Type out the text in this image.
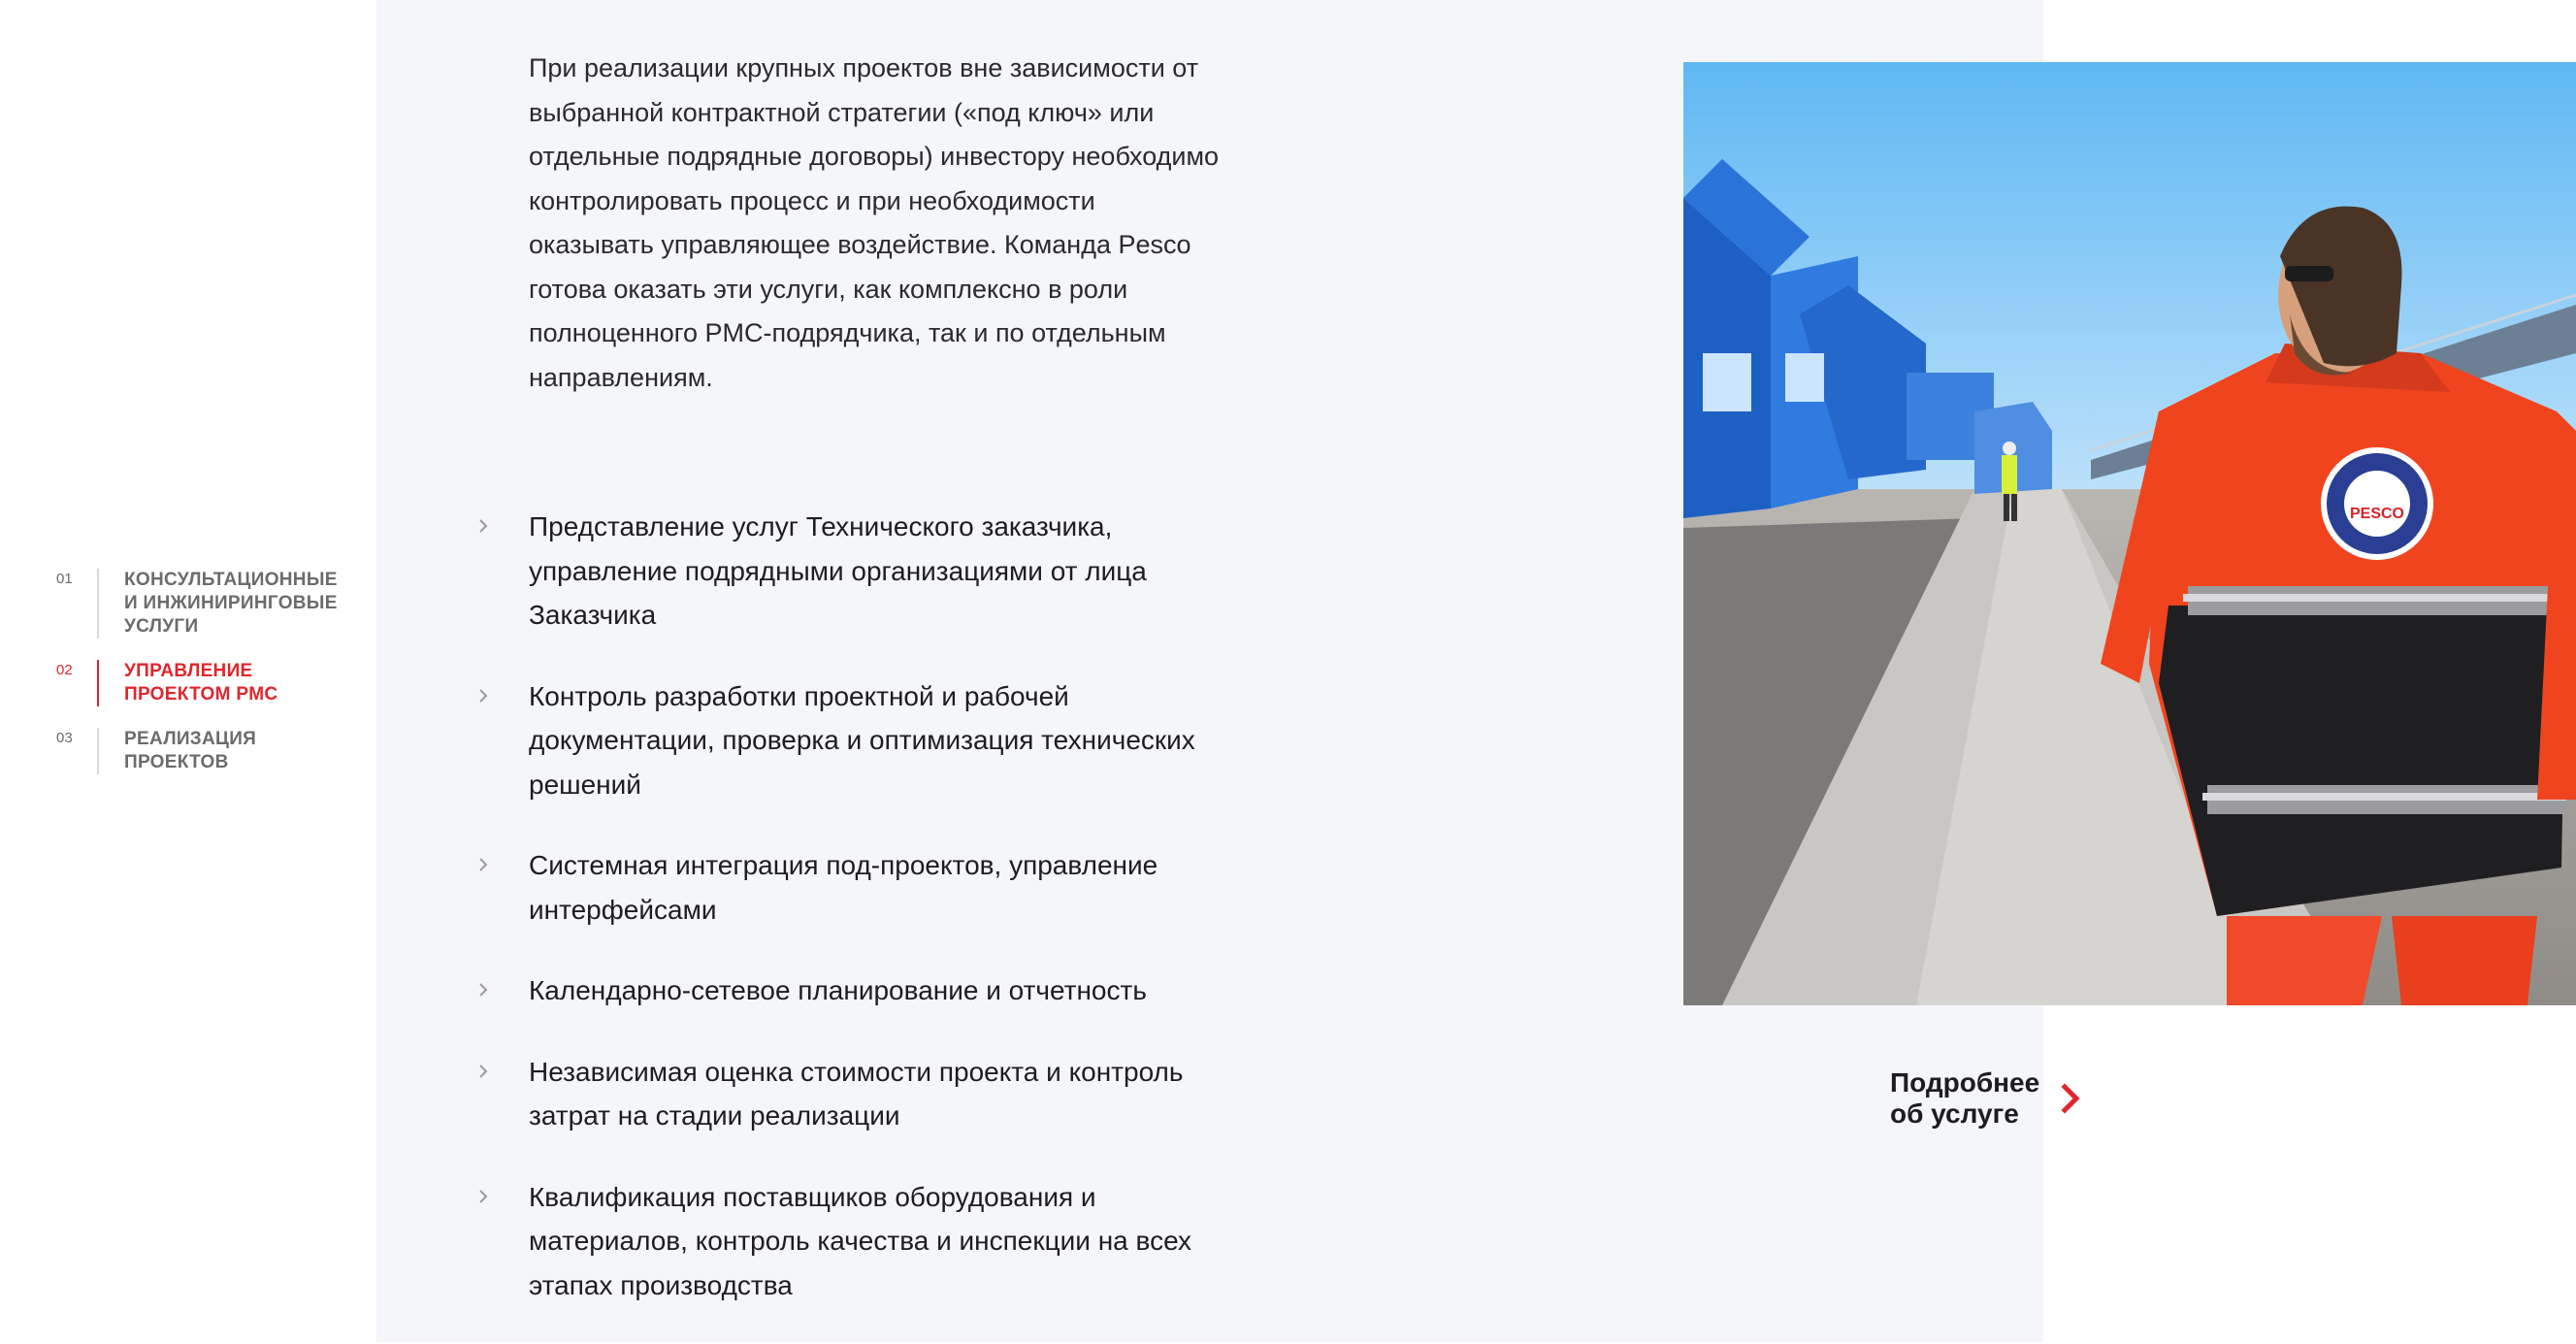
01	КОНСУЛЬТАЦИОННЫЕ И ИНЖИНИРИНГОВЫЕ УСЛУГИ
02	УПРАВЛЕНИЕ ПРОЕКТОМ PMC
03	РЕАЛИЗАЦИЯ ПРОЕКТОВ

При реализации крупных проектов вне зависимости от выбранной контрактной стратегии («под ключ» или отдельные подрядные договоры) инвестору необходимо контролировать процесс и при необходимости оказывать управляющее воздействие. Команда Pesco готова оказать эти услуги, как комплексно в роли полноценного PMC-подрядчика, так и по отдельным направлениям.

Представление услуг Технического заказчика, управление подрядными организациями от лица Заказчика
Контроль разработки проектной и рабочей документации, проверка и оптимизация технических решений
Системная интеграция под-проектов, управление интерфейсами
Календарно-сетевое планирование и отчетность
Независимая оценка стоимости проекта и контроль затрат на стадии реализации
Квалификация поставщиков оборудования и материалов, контроль качества и инспекции на всех этапах производства
PESCO
Подробнее об услуге
